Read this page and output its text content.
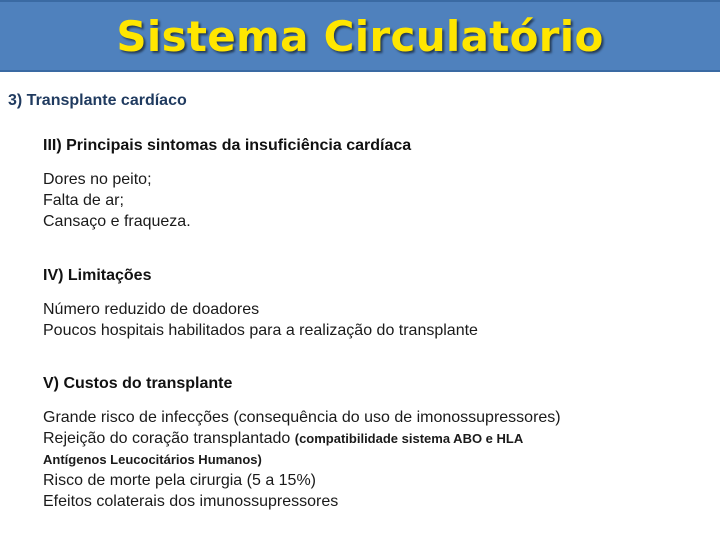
Sistema Circulatório
3) Transplante cardíaco
III) Principais sintomas da insuficiência cardíaca
Dores no peito;
Falta de ar;
Cansaço e fraqueza.
IV) Limitações
Número reduzido de doadores
Poucos hospitais habilitados para a realização do transplante
V) Custos do transplante
Grande risco de infecções (consequência do uso de imonossupressores)
Rejeição do coração transplantado (compatibilidade sistema ABO e HLA
Antígenos Leucocitários Humanos)
Risco de morte pela cirurgia (5 a 15%)
Efeitos colaterais dos imunossupressores
